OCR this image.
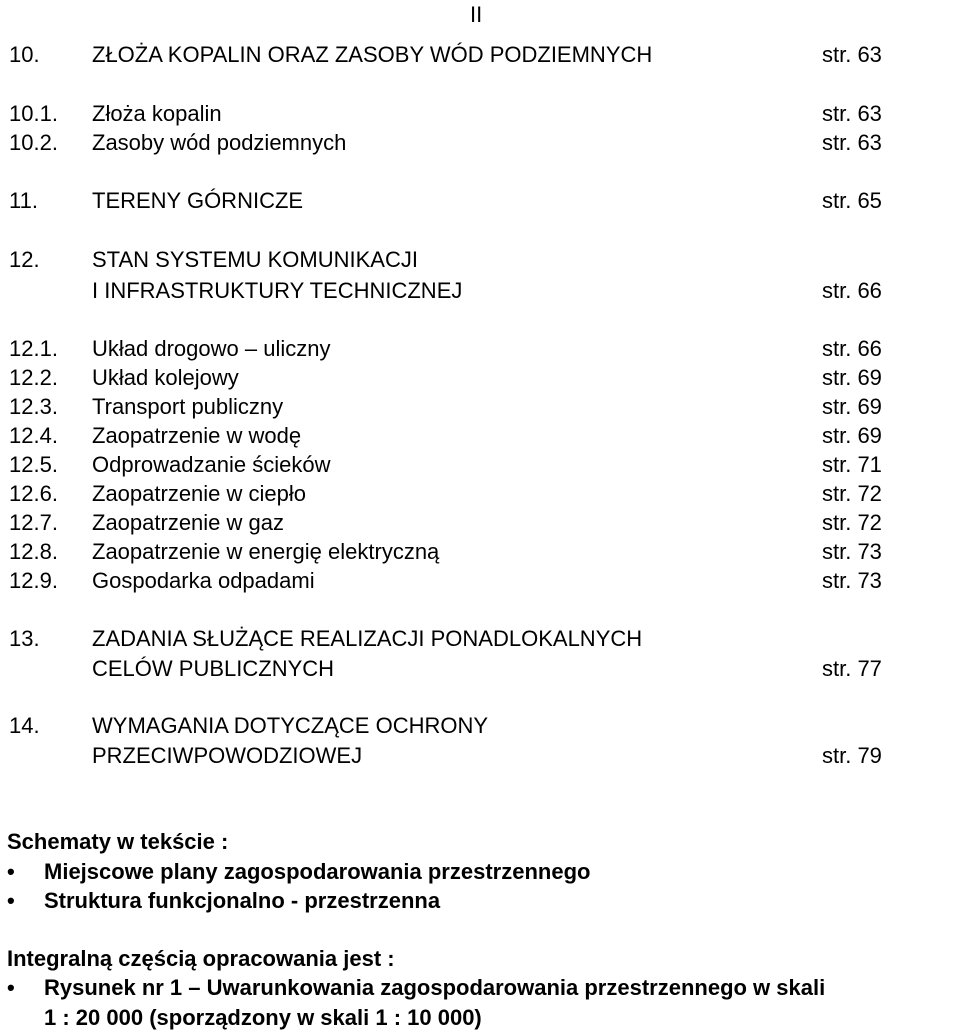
II
10. ZŁOŻA KOPALIN ORAZ ZASOBY WÓD PODZIEMNYCH	str. 63
10.1. Złoża kopalin	str. 63
10.2. Zasoby wód podziemnych	str. 63
11. TERENY GÓRNICZE	str. 65
12. STAN SYSTEMU KOMUNIKACJI
I INFRASTRUKTURY TECHNICZNEJ	str. 66
12.1. Układ drogowo – uliczny	str. 66
12.2. Układ kolejowy	str. 69
12.3. Transport publiczny	str. 69
12.4. Zaopatrzenie w wodę	str. 69
12.5. Odprowadzanie ścieków	str. 71
12.6. Zaopatrzenie w ciepło	str. 72
12.7. Zaopatrzenie w gaz	str. 72
12.8. Zaopatrzenie w energię elektryczną	str. 73
12.9. Gospodarka odpadami	str. 73
13. ZADANIA SŁUŻĄCE REALIZACJI PONADLOKALNYCH
CELÓW PUBLICZNYCH	str. 77
14. WYMAGANIA DOTYCZĄCE OCHRONY
PRZECIWPOWODZIOWEJ	str. 79
Schematy w tekście :
• Miejscowe plany zagospodarowania przestrzennego
• Struktura funkcjonalno - przestrzenna
Integralną częścią opracowania jest :
• Rysunek nr 1 – Uwarunkowania zagospodarowania przestrzennego w skali
1 : 20 000 (sporządzony w skali 1 : 10 000)
